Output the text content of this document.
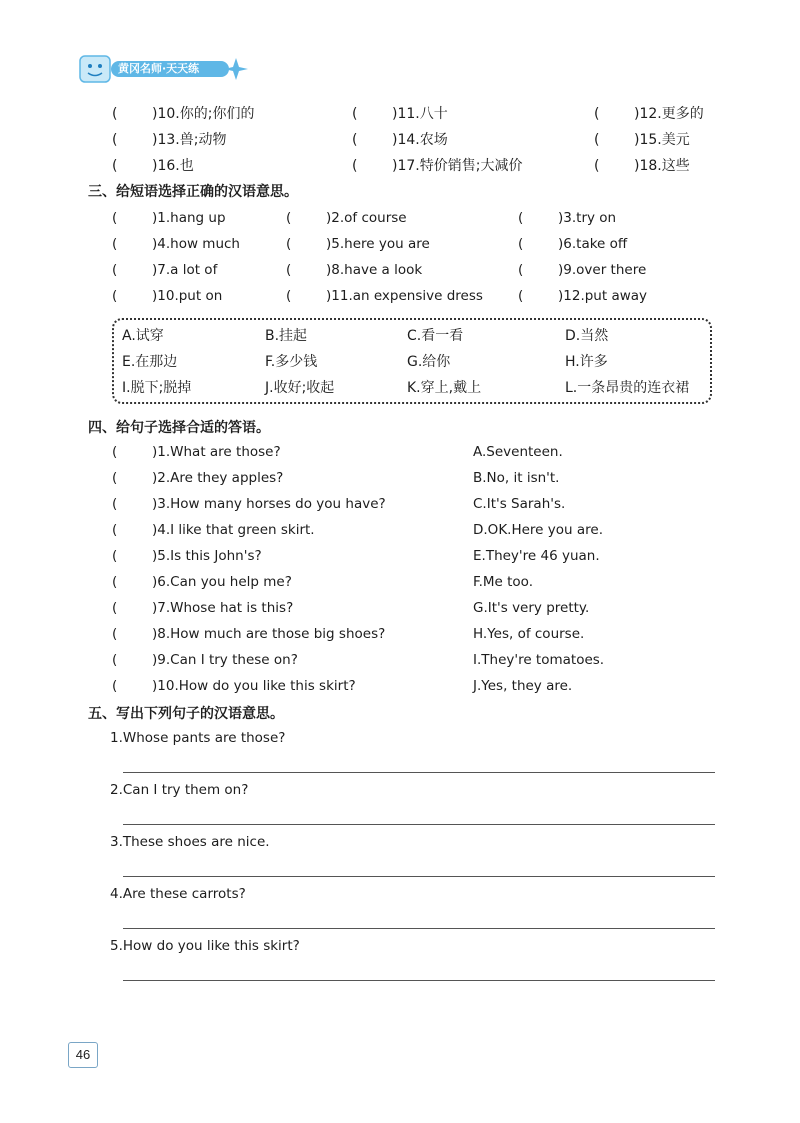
黄冈名师·天天练
( )10.你的;你们的	( )11.八十	( )12.更多的
( )13.兽;动物	( )14.农场	( )15.美元
( )16.也	( )17.特价销售;大减价	( )18.这些
三、给短语选择正确的汉语意思。
(	)1.hang up	(	)2.of course	(	)3.try on
(	)4.how much	(	)5.here you are	(	)6.take off
(	)7.a lot of	(	)8.have a look	(	)9.over there
(	)10.put on	(	)11.an expensive dress	(	)12.put away
A.试穿	B.挂起	C.看一看	D.当然
E.在那边	F.多少钱	G.给你	H.许多
I.脱下;脱掉	J.收好;收起	K.穿上,戴上	L.一条昂贵的连衣裙
四、给句子选择合适的答语。
(	)1.What are those?	A.Seventeen.
(	)2.Are they apples?	B.No, it isn't.
(	)3.How many horses do you have?	C.It's Sarah's.
(	)4.I like that green skirt.	D.OK.Here you are.
(	)5.Is this John's?	E.They're 46 yuan.
(	)6.Can you help me?	F.Me too.
(	)7.Whose hat is this?	G.It's very pretty.
(	)8.How much are those big shoes?	H.Yes, of course.
(	)9.Can I try these on?	I.They're tomatoes.
(	)10.How do you like this skirt?	J.Yes, they are.
五、写出下列句子的汉语意思。
1.Whose pants are those?
2.Can I try them on?
3.These shoes are nice.
4.Are these carrots?
5.How do you like this skirt?
46
